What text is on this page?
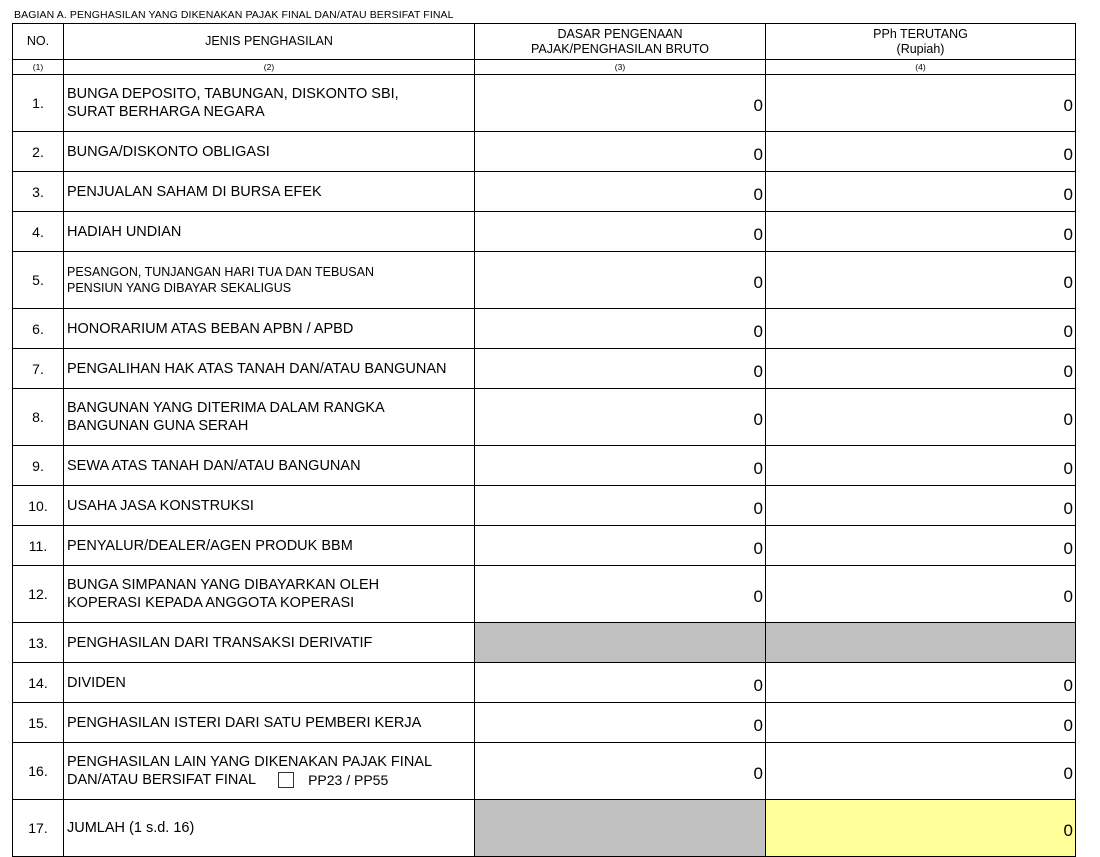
BAGIAN A. PENGHASILAN YANG DIKENAKAN PAJAK FINAL DAN/ATAU BERSIFAT FINAL
NO.	JENIS PENGHASILAN	DASAR PENGENAAN
PAJAK/PENGHASILAN BRUTO	PPh TERUTANG
(Rupiah)

(1)	(2)	(3)	(4)
1.	BUNGA DEPOSITO, TABUNGAN, DISKONTO SBI,
SURAT BERHARGA NEGARA	0	0
2.	BUNGA/DISKONTO OBLIGASI	0	0
3.	PENJUALAN SAHAM DI BURSA EFEK	0	0
4.	HADIAH UNDIAN	0	0
5.	PESANGON, TUNJANGAN HARI TUA DAN TEBUSAN
PENSIUN YANG DIBAYAR SEKALIGUS	0	0
6.	HONORARIUM ATAS BEBAN APBN / APBD	0	0
7.	PENGALIHAN HAK ATAS TANAH DAN/ATAU BANGUNAN	0	0
8.	BANGUNAN YANG DITERIMA DALAM RANGKA
BANGUNAN GUNA SERAH	0	0
9.	SEWA ATAS TANAH DAN/ATAU BANGUNAN	0	0
10.	USAHA JASA KONSTRUKSI	0	0
11.	PENYALUR/DEALER/AGEN PRODUK BBM	0	0
12.	BUNGA SIMPANAN YANG DIBAYARKAN OLEH
KOPERASI KEPADA ANGGOTA KOPERASI	0	0
13.	PENGHASILAN DARI TRANSAKSI DERIVATIF		

14.	DIVIDEN	0	0
15.	PENGHASILAN ISTERI DARI SATU PEMBERI KERJA	0	0
16.	PENGHASILAN LAIN YANG DIKENAKAN PAJAK FINAL
DAN/ATAU BERSIFAT FINAL PP23 / PP55	0	0
17.	JUMLAH (1 s.d. 16)		0
